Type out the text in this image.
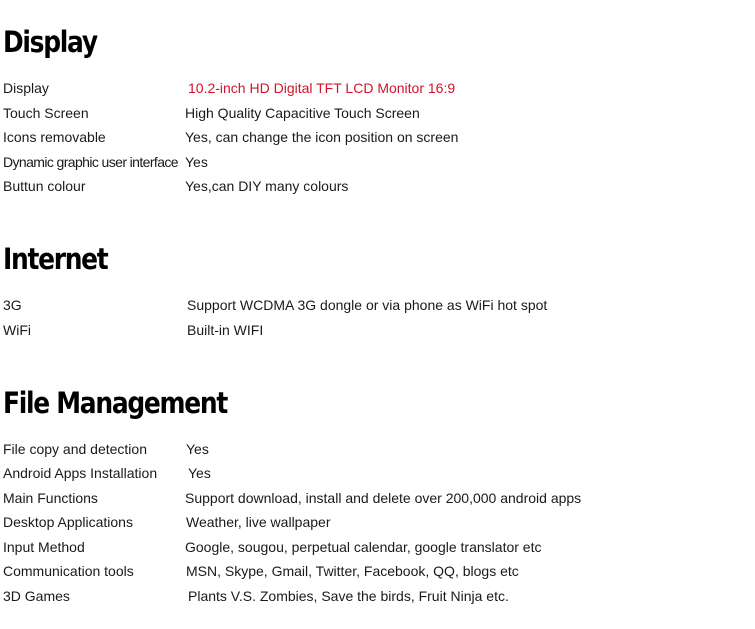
Display
Display	10.2-inch HD Digital TFT LCD Monitor 16:9
Touch Screen	High Quality Capacitive Touch Screen
Icons removable	Yes, can change the icon position on screen
Dynamic graphic user interface Yes
Buttun colour	Yes,can DIY many colours
Internet
3G	Support WCDMA 3G dongle or via phone as WiFi hot spot
WiFi	Built-in WIFI
File Management
File copy and detection	Yes
Android Apps Installation Yes
Main Functions	Support download, install and delete over 200,000 android apps
Desktop Applications	Weather, live wallpaper
Input Method	Google, sougou, perpetual calendar, google translator etc
Communication tools	MSN, Skype, Gmail, Twitter, Facebook, QQ, blogs etc
3D Games	Plants V.S. Zombies, Save the birds, Fruit Ninja etc.
